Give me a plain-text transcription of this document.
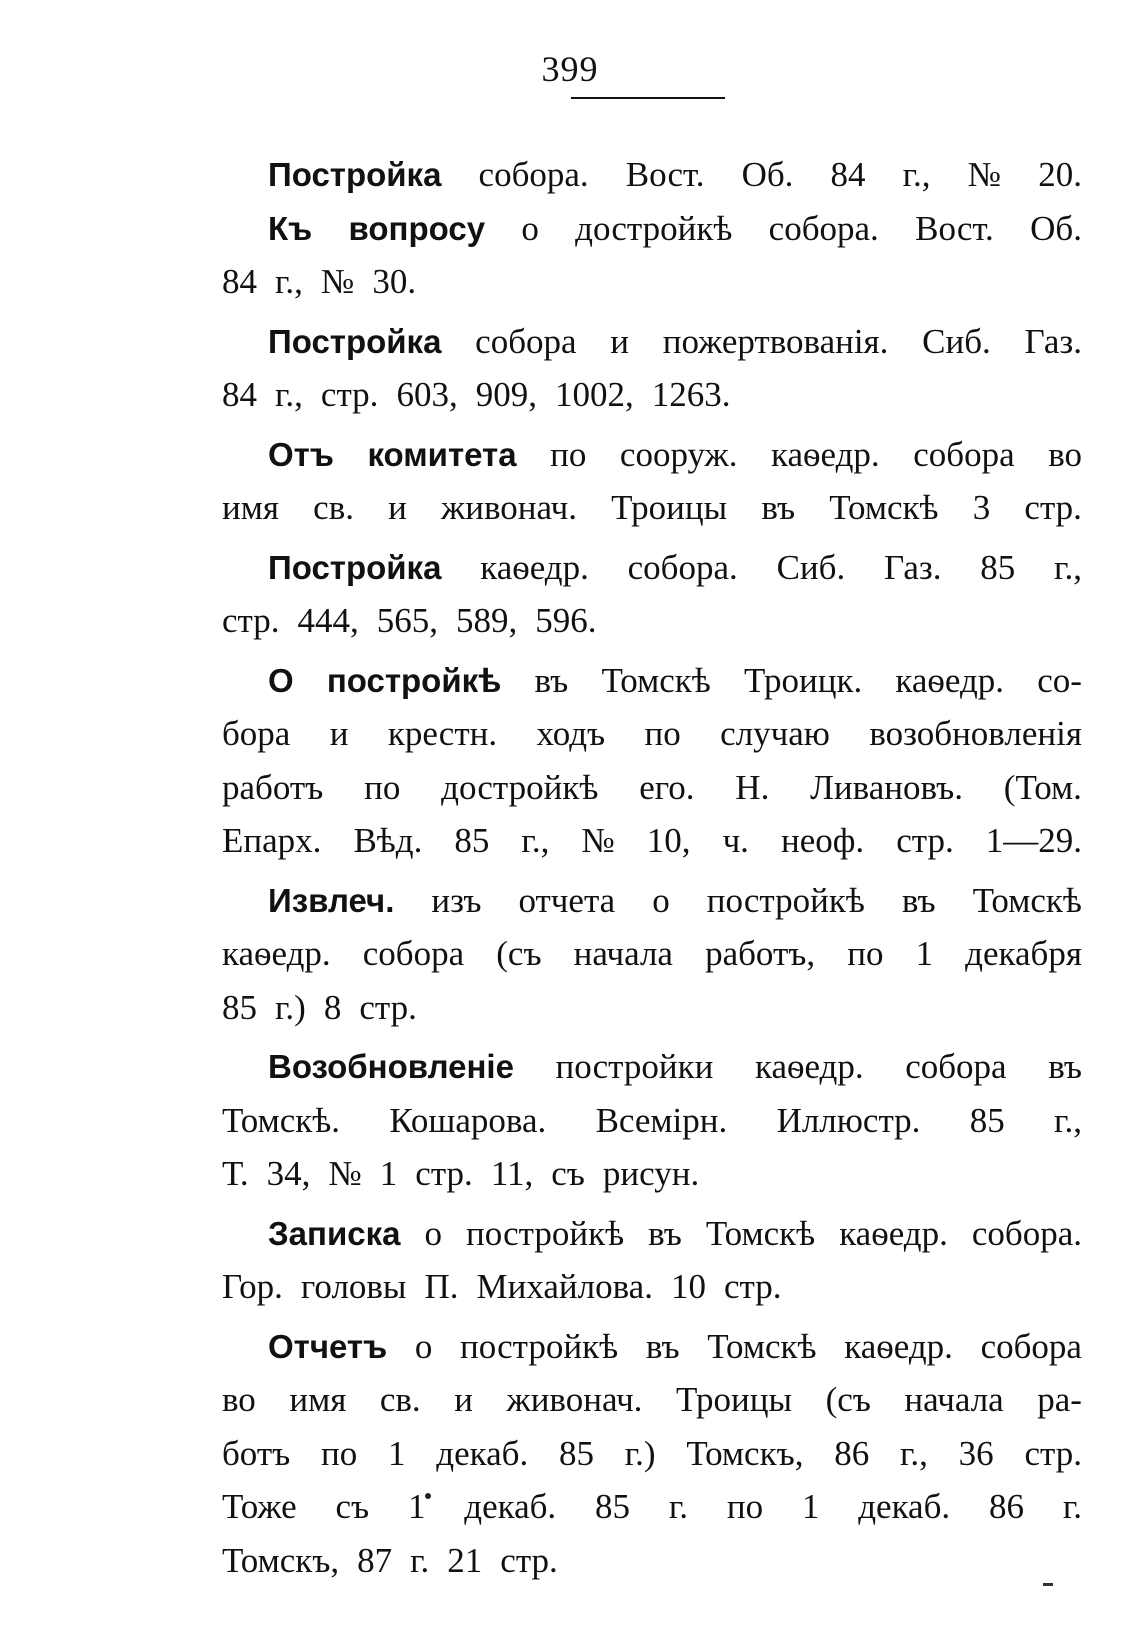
399
Постройка собора. Вост. Об. 84 г., № 20.
Къ вопросу о достройкѣ собора. Вост. Об.
84 г., № 30.
Постройка собора и пожертвованія. Сиб. Газ.
84 г., стр. 603, 909, 1002, 1263.
Отъ комитета по сооруж. каѳедр. собора во
имя св. и живонач. Троицы въ Томскѣ 3 стр.
Постройка каѳедр. собора. Сиб. Газ. 85 г.,
стр. 444, 565, 589, 596.
О постройкѣ въ Томскѣ Троицк. каѳедр. со-
бора и крестн. ходъ по случаю возобновленія
работъ по достройкѣ его. Н. Ливановъ. (Том.
Епарх. Вѣд. 85 г., № 10, ч. неоф. стр. 1—29.
Извлеч. изъ отчета о постройкѣ въ Томскѣ
каѳедр. собора (съ начала работъ, по 1 декабря
85 г.) 8 стр.
Возобновленіе постройки каѳедр. собора въ
Томскѣ. Кошарова. Всемірн. Иллюстр. 85 г.,
Т. 34, № 1 стр. 11, съ рисун.
Записка о постройкѣ въ Томскѣ каѳедр. собора.
Гор. головы П. Михайлова. 10 стр.
Отчетъ о постройкѣ въ Томскѣ каѳедр. собора
во имя св. и живонач. Троицы (съ начала ра-
ботъ по 1 декаб. 85 г.) Томскъ, 86 г., 36 стр.
Тоже съ 1 декаб. 85 г. по 1 декаб. 86 г.
Томскъ, 87 г. 21 стр.
